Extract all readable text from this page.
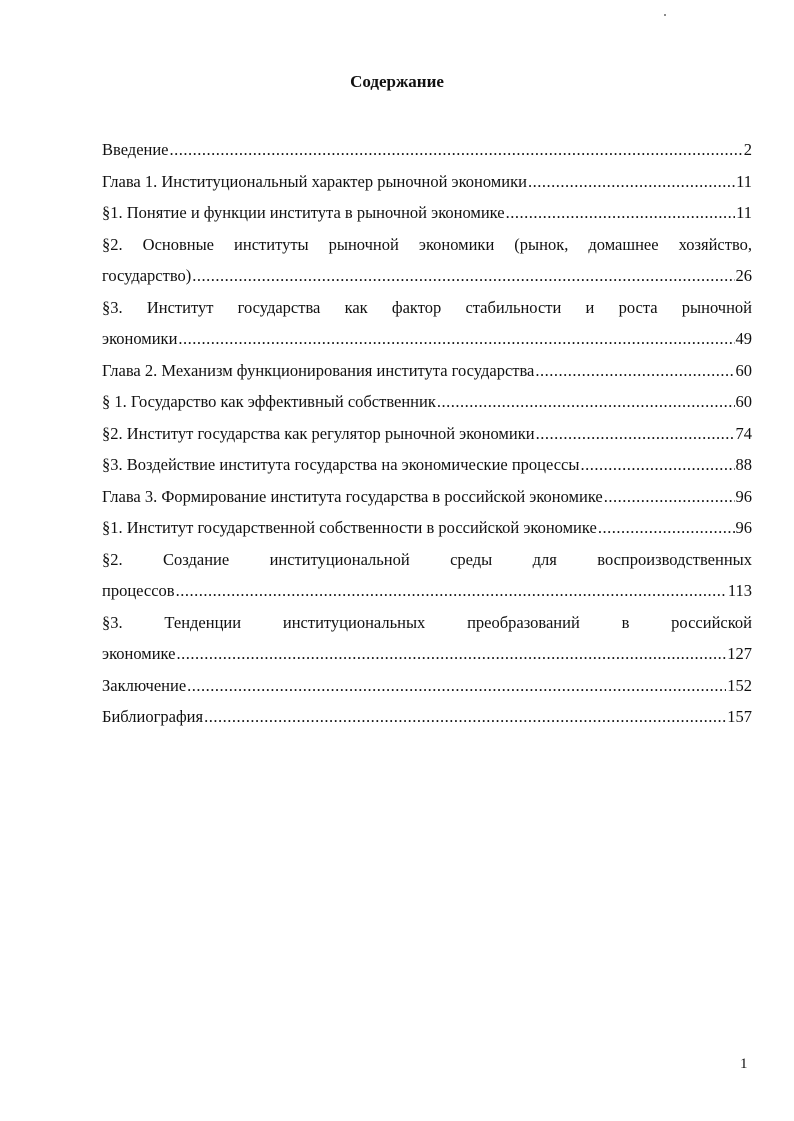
Содержание
Введение .....	2
Глава 1. Институциональный характер рыночной экономики .....	11
§1. Понятие и функции института в рыночной экономике .....	11
§2. Основные институты рыночной экономики (рынок, домашнее хозяйство,
государство) .....	26
§3. Институт государства как фактор стабильности и роста рыночной
экономики .....	49
Глава 2. Механизм функционирования института государства .....	60
§ 1. Государство как эффективный собственник .....	60
§2. Институт государства как регулятор рыночной экономики .....	74
§3. Воздействие института государства на экономические процессы .....	88
Глава 3. Формирование института государства в российской экономике .....	96
§1. Институт государственной собственности в российской экономике .....	96
§2. Создание институциональной среды для воспроизводственных
процессов .....	113
§3. Тенденции институциональных преобразований в российской
экономике .....	127
Заключение .....	152
Библиография .....	157
1
